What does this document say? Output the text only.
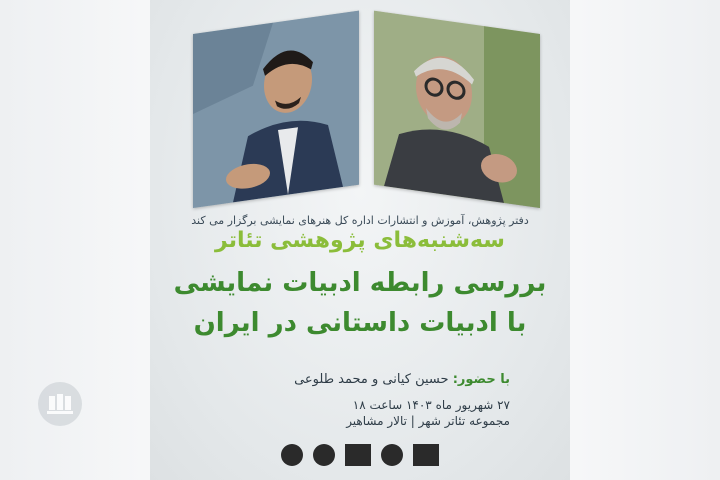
دفتر پژوهش، آموزش و انتشارات اداره کل هنرهای نمایشی برگزار می کند
سه‌شنبه‌های پژوهشی تئاتر
بررسی رابطه ادبیات نمایشی
با ادبیات داستانی در ایران
با حضور: حسین کیانی و محمد طلوعی
۲۷ شهریور ماه ۱۴۰۳ ساعت ۱۸
مجموعه تئاتر شهر | تالار مشاهیر
